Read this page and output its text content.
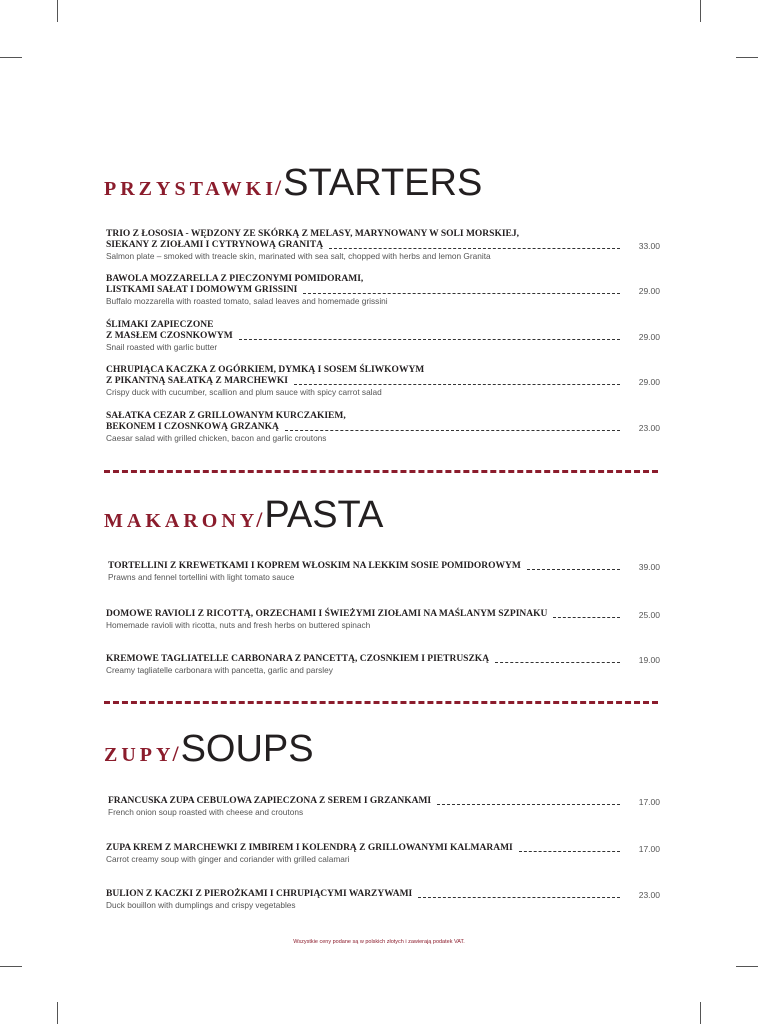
PRZYSTAWKI
/ STARTERS
TRIO Z ŁOSOSIA - WĘDZONY ZE SKÓRKĄ Z MELASY, MARYNOWANY W SOLI MORSKIEJ,
SIEKANY Z ZIOŁAMI I CYTRYNOWĄ GRANITĄ	33.00
Salmon plate – smoked with treacle skin, marinated with sea salt, chopped with herbs and lemon Granita
BAWOLA MOZZARELLA Z PIECZONYMI POMIDORAMI,
LISTKAMI SAŁAT I DOMOWYM GRISSINI	29.00
Buffalo mozzarella with roasted tomato, salad leaves and homemade grissini
ŚLIMAKI ZAPIECZONE
Z MASŁEM CZOSNKOWYM	29.00
Snail roasted with garlic butter
CHRUPIĄCA KACZKA Z OGÓRKIEM, DYMKĄ I SOSEM ŚLIWKOWYM
Z PIKANTNĄ SAŁATKĄ Z MARCHEWKI	29.00
Crispy duck with cucumber, scallion and plum sauce with spicy carrot salad
SAŁATKA CEZAR Z GRILLOWANYM KURCZAKIEM,
BEKONEM I CZOSNKOWĄ GRZANKĄ	23.00
Caesar salad with grilled chicken, bacon and garlic croutons
MAKARONY
/ PASTA
TORTELLINI Z KREWETKAMI I KOPREM WŁOSKIM NA LEKKIM SOSIE POMIDOROWYM	39.00
Prawns and fennel tortellini with light tomato sauce
DOMOWE RAVIOLI Z RICOTTĄ, ORZECHAMI I ŚWIEŻYMI ZIOŁAMI NA MAŚLANYM SZPINAKU	25.00
Homemade ravioli with ricotta, nuts and fresh herbs on buttered spinach
KREMOWE TAGLIATELLE CARBONARA Z PANCETTĄ, CZOSNKIEM I PIETRUSZKĄ	19.00
Creamy tagliatelle carbonara with pancetta, garlic and parsley
ZUPY
/ SOUPS
FRANCUSKA ZUPA CEBULOWA ZAPIECZONA Z SEREM I GRZANKAMI	17.00
French onion soup roasted with cheese and croutons
ZUPA KREM Z MARCHEWKI Z IMBIREM I KOLENDRĄ Z GRILLOWANYMI KALMARAMI	17.00
Carrot creamy soup with ginger and coriander with grilled calamari
BULION Z KACZKI Z PIEROŻKAMI I CHRUPIĄCYMI WARZYWAMI	23.00
Duck bouillon with dumplings and crispy vegetables
Wszystkie ceny podane są w polskich złotych i zawierają podatek VAT.
